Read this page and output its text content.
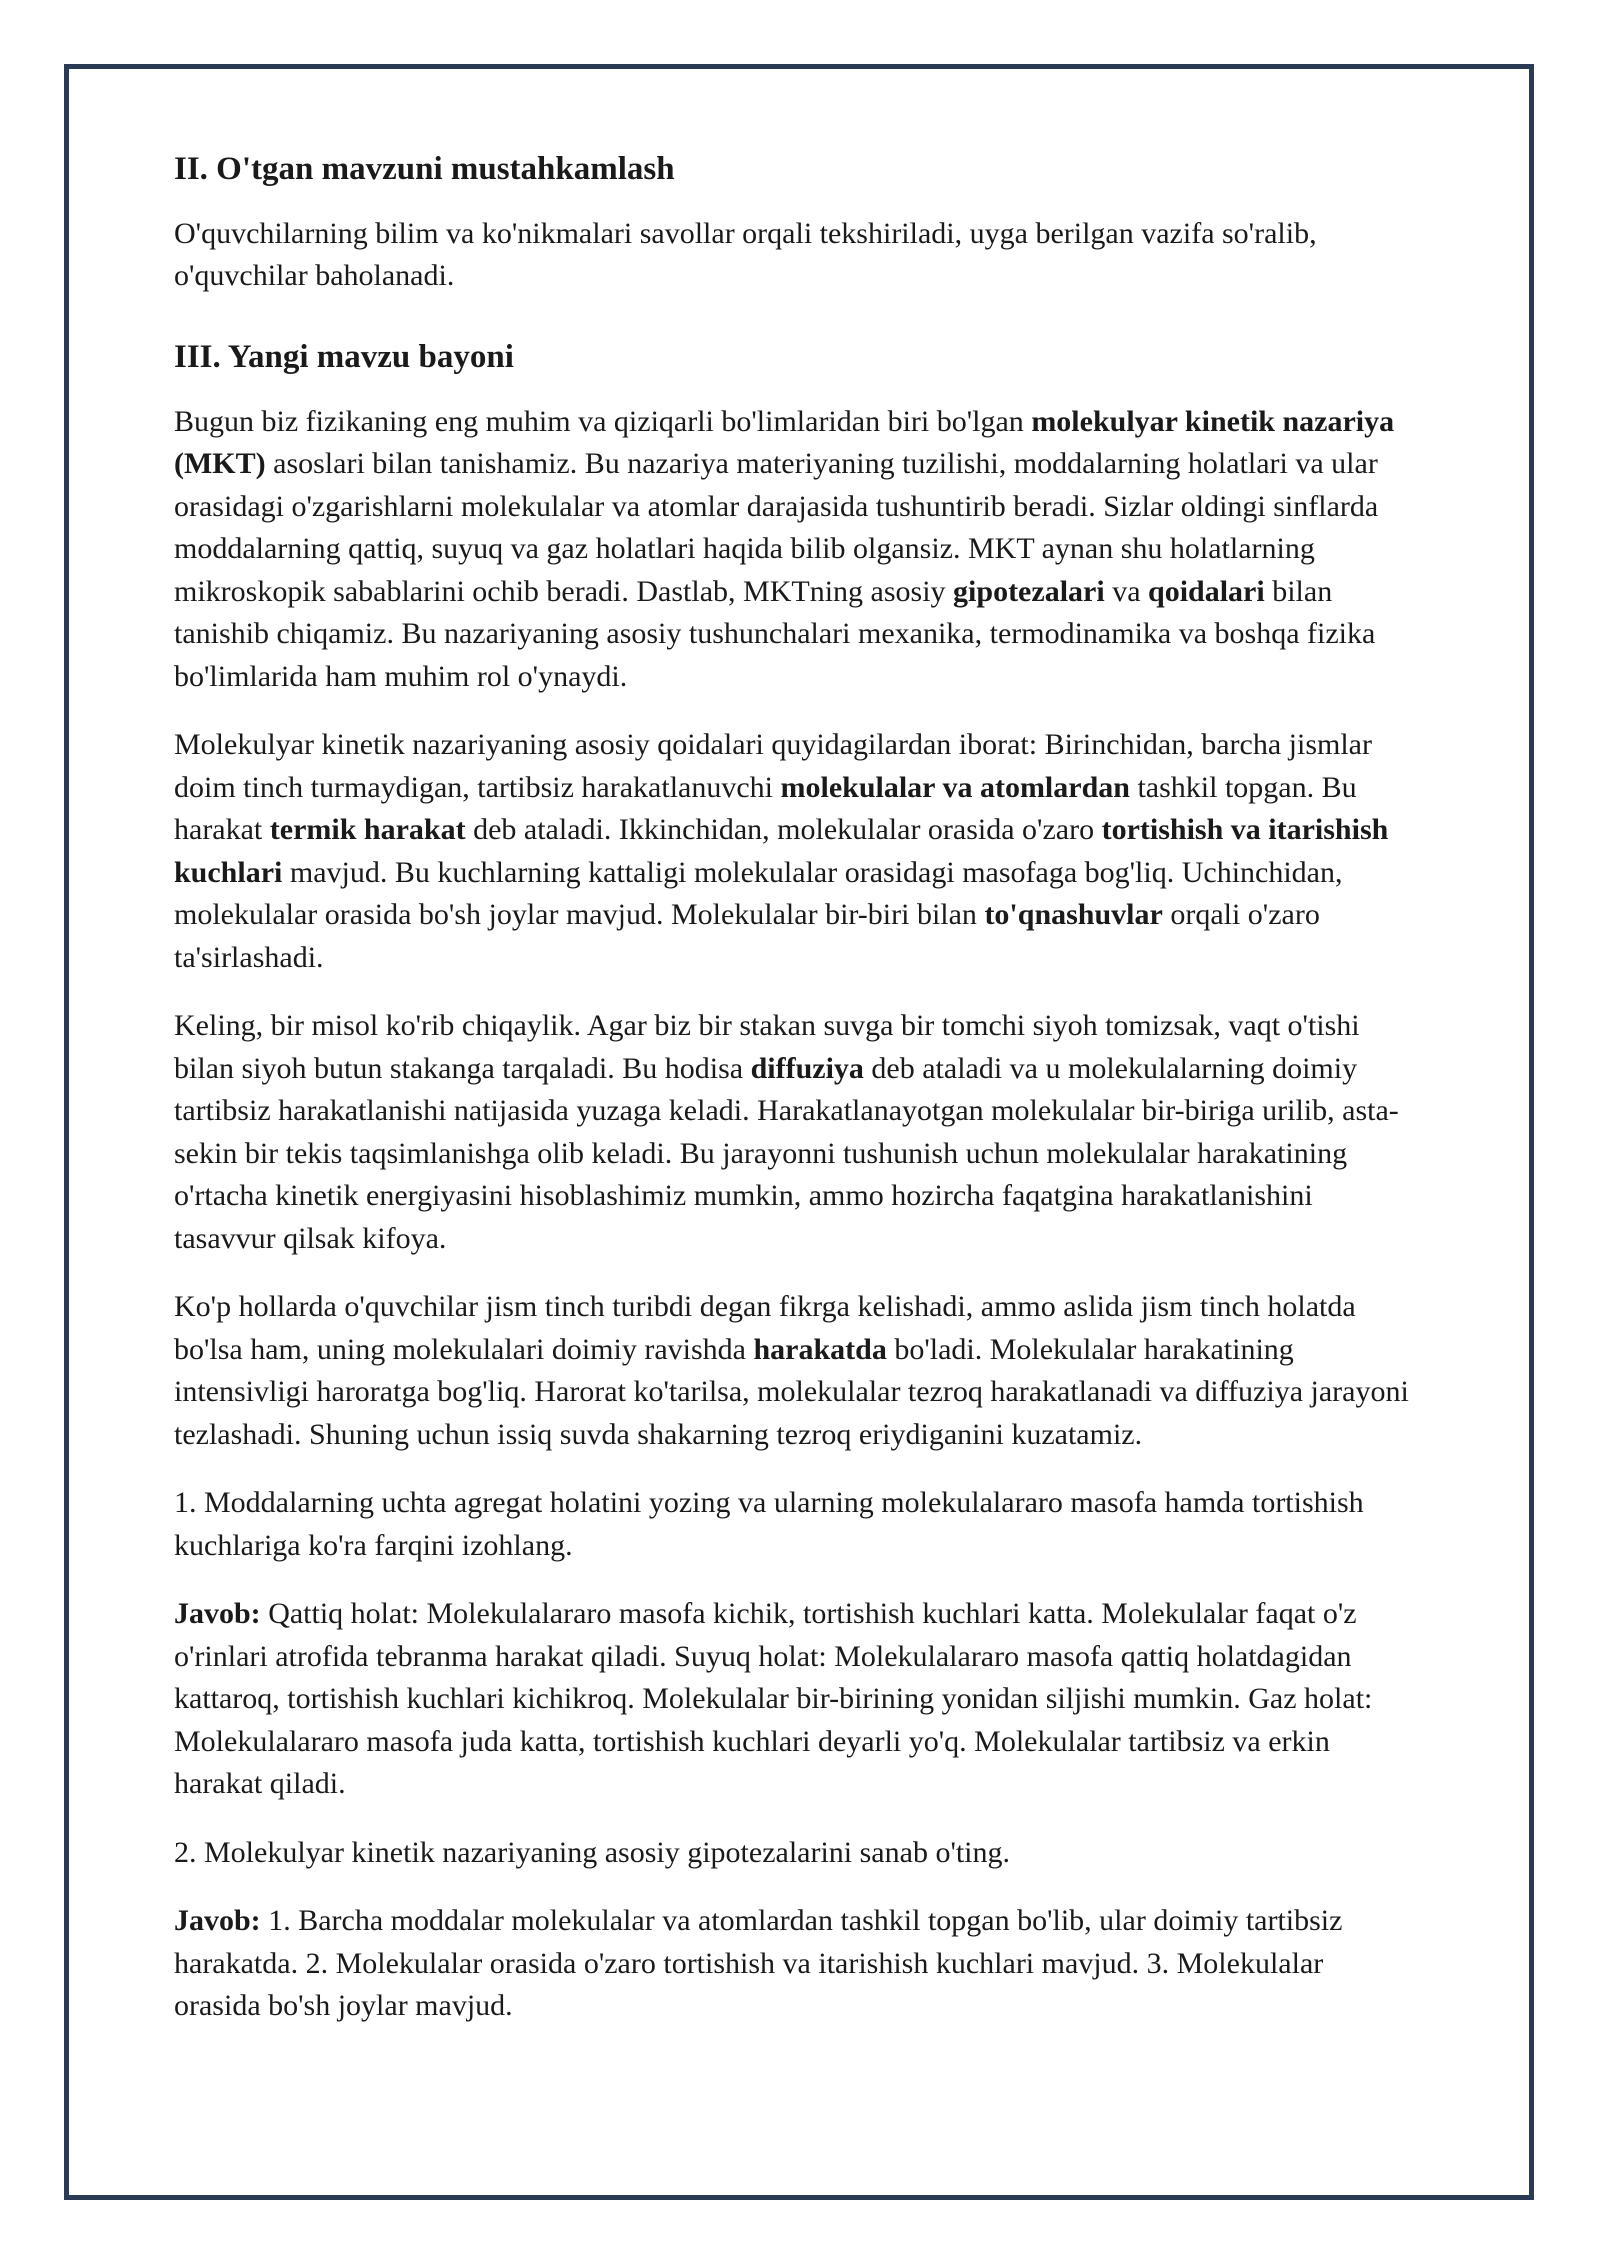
II. O'tgan mavzuni mustahkamlash

O'quvchilarning bilim va ko'nikmalari savollar orqali tekshiriladi, uyga berilgan vazifa so'ralib, o'quvchilar baholanadi.

III. Yangi mavzu bayoni

Bugun biz fizikaning eng muhim va qiziqarli bo'limlaridan biri bo'lgan molekulyar kinetik nazariya (MKT) asoslari bilan tanishamiz. Bu nazariya materiyaning tuzilishi, moddalarning holatlari va ular orasidagi o'zgarishlarni molekulalar va atomlar darajasida tushuntirib beradi. Sizlar oldingi sinflarda moddalarning qattiq, suyuq va gaz holatlari haqida bilib olgansiz. MKT aynan shu holatlarning mikroskopik sabablarini ochib beradi. Dastlab, MKTning asosiy gipotezalari va qoidalari bilan tanishib chiqamiz. Bu nazariyaning asosiy tushunchalari mexanika, termodinamika va boshqa fizika bo'limlarida ham muhim rol o'ynaydi.

Molekulyar kinetik nazariyaning asosiy qoidalari quyidagilardan iborat: Birinchidan, barcha jismlar doim tinch turmaydigan, tartibsiz harakatlanuvchi molekulalar va atomlardan tashkil topgan. Bu harakat termik harakat deb ataladi. Ikkinchidan, molekulalar orasida o'zaro tortishish va itarishish kuchlari mavjud. Bu kuchlarning kattaligi molekulalar orasidagi masofaga bog'liq. Uchinchidan, molekulalar orasida bo'sh joylar mavjud. Molekulalar bir-biri bilan to'qnashuvlar orqali o'zaro ta'sirlashadi.

Keling, bir misol ko'rib chiqaylik. Agar biz bir stakan suvga bir tomchi siyoh tomizsak, vaqt o'tishi bilan siyoh butun stakanga tarqaladi. Bu hodisa diffuziya deb ataladi va u molekulalarning doimiy tartibsiz harakatlanishi natijasida yuzaga keladi. Harakatlanayotgan molekulalar bir-biriga urilib, asta-sekin bir tekis taqsimlanishga olib keladi. Bu jarayonni tushunish uchun molekulalar harakatining o'rtacha kinetik energiyasini hisoblashimiz mumkin, ammo hozircha faqatgina harakatlanishini tasavvur qilsak kifoya.

Ko'p hollarda o'quvchilar jism tinch turibdi degan fikrga kelishadi, ammo aslida jism tinch holatda bo'lsa ham, uning molekulalari doimiy ravishda harakatda bo'ladi. Molekulalar harakatining intensivligi haroratga bog'liq. Harorat ko'tarilsa, molekulalar tezroq harakatlanadi va diffuziya jarayoni tezlashadi. Shuning uchun issiq suvda shakarning tezroq eriydiganini kuzatamiz.

1. Moddalarning uchta agregat holatini yozing va ularning molekulalararo masofa hamda tortishish kuchlariga ko'ra farqini izohlang.

Javob: Qattiq holat: Molekulalararo masofa kichik, tortishish kuchlari katta. Molekulalar faqat o'z o'rinlari atrofida tebranma harakat qiladi. Suyuq holat: Molekulalararo masofa qattiq holatdagidan kattaroq, tortishish kuchlari kichikroq. Molekulalar bir-birining yonidan siljishi mumkin. Gaz holat: Molekulalararo masofa juda katta, tortishish kuchlari deyarli yo'q. Molekulalar tartibsiz va erkin harakat qiladi.

2. Molekulyar kinetik nazariyaning asosiy gipotezalarini sanab o'ting.

Javob: 1. Barcha moddalar molekulalar va atomlardan tashkil topgan bo'lib, ular doimiy tartibsiz harakatda. 2. Molekulalar orasida o'zaro tortishish va itarishish kuchlari mavjud. 3. Molekulalar orasida bo'sh joylar mavjud.
